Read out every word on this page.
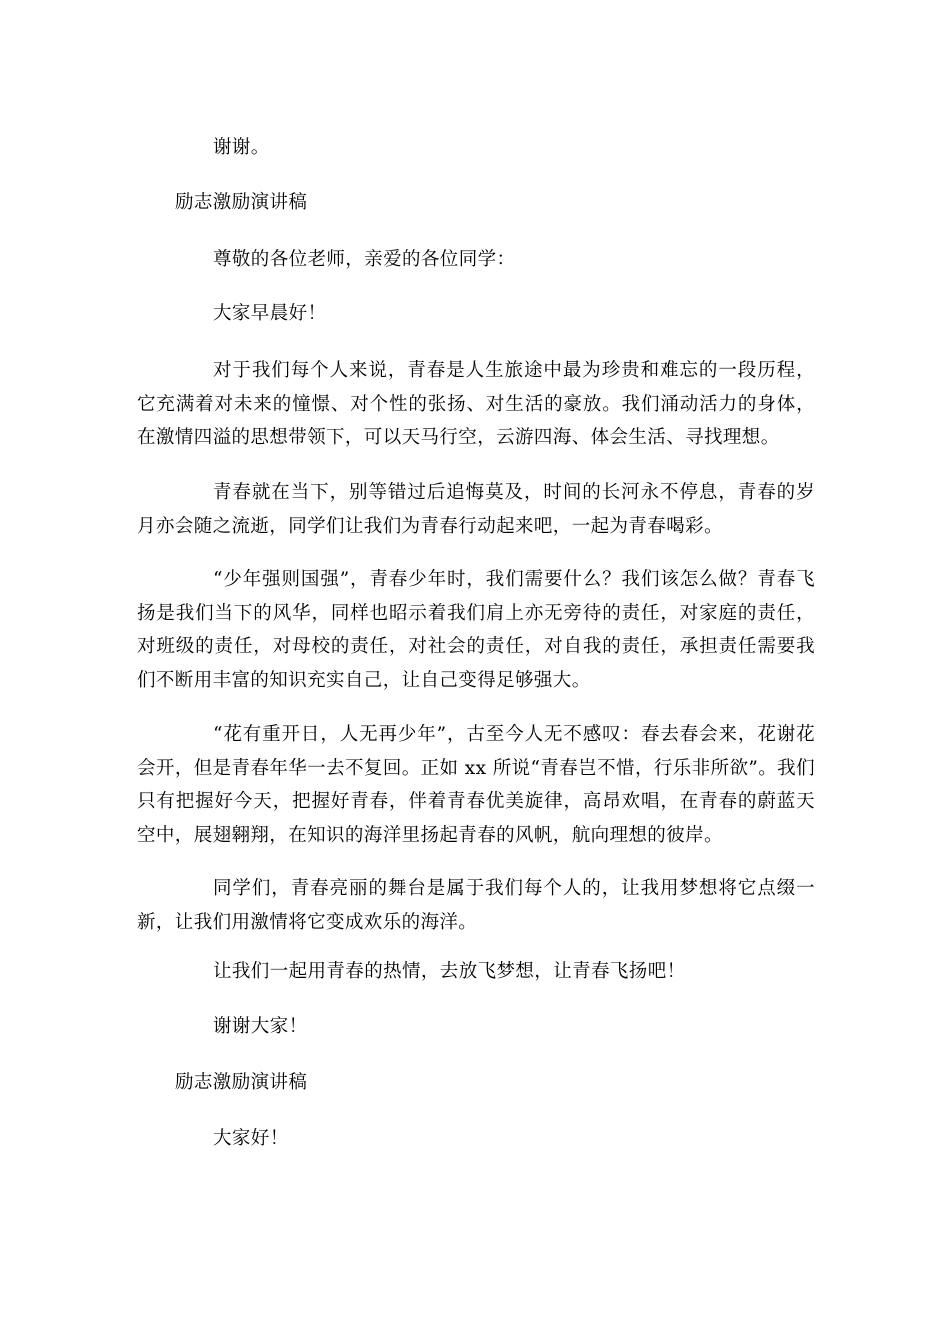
谢谢。
励志激励演讲稿
尊敬的各位老师，亲爱的各位同学：
大家早晨好！
对于我们每个人来说，青春是人生旅途中最为珍贵和难忘的一段历程，它充满着对未来的憧憬、对个性的张扬、对生活的豪放。我们涌动活力的身体，在激情四溢的思想带领下，可以天马行空，云游四海、体会生活、寻找理想。
青春就在当下，别等错过后追悔莫及，时间的长河永不停息，青春的岁月亦会随之流逝，同学们让我们为青春行动起来吧，一起为青春喝彩。
“少年强则国强”，青春少年时，我们需要什么？我们该怎么做？青春飞扬是我们当下的风华，同样也昭示着我们肩上亦无旁待的责任，对家庭的责任，对班级的责任，对母校的责任，对社会的责任，对自我的责任，承担责任需要我们不断用丰富的知识充实自己，让自己变得足够强大。
“花有重开日，人无再少年”，古至今人无不感叹：春去春会来，花谢花会开，但是青春年华一去不复回。正如 xx 所说“青春岂不惜，行乐非所欲”。我们只有把握好今天，把握好青春，伴着青春优美旋律，高昂欢唱，在青春的蔚蓝天空中，展翅翱翔，在知识的海洋里扬起青春的风帆，航向理想的彼岸。
同学们，青春亮丽的舞台是属于我们每个人的，让我用梦想将它点缀一新，让我们用激情将它变成欢乐的海洋。
让我们一起用青春的热情，去放飞梦想，让青春飞扬吧！
谢谢大家！
励志激励演讲稿
大家好！
